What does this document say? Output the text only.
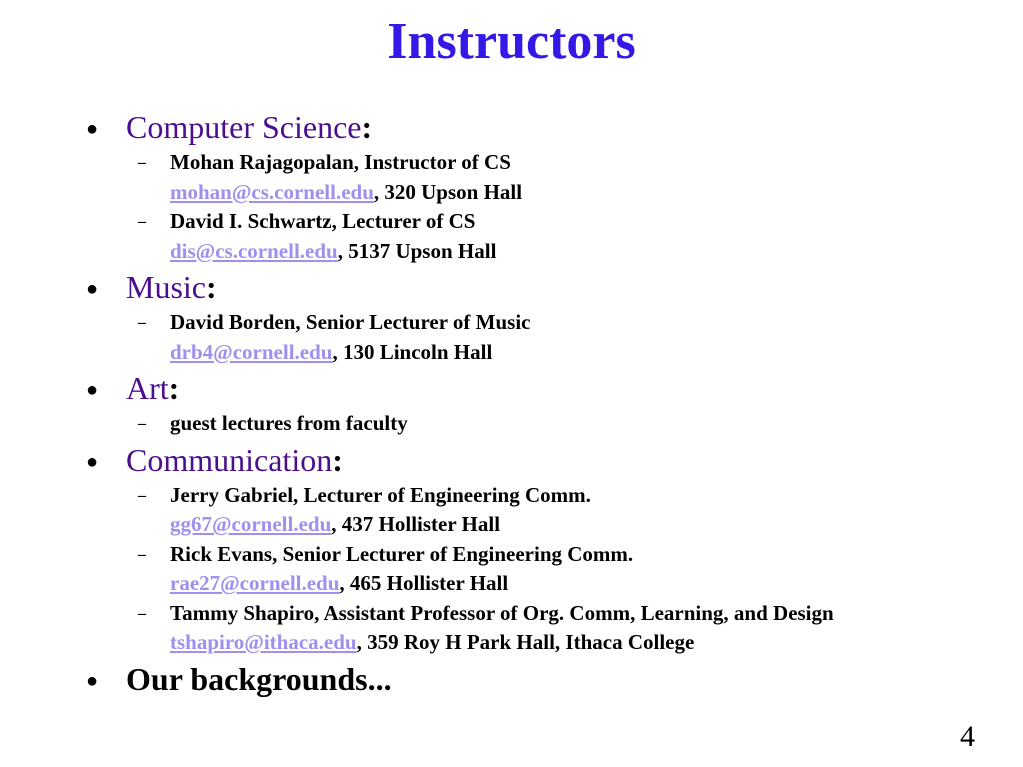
Instructors
● Computer Science:
– Mohan Rajagopalan, Instructor of CS
mohan@cs.cornell.edu, 320 Upson Hall
– David I. Schwartz, Lecturer of CS
dis@cs.cornell.edu, 5137 Upson Hall
● Music:
– David Borden, Senior Lecturer of Music
drb4@cornell.edu, 130 Lincoln Hall
● Art:
– guest lectures from faculty
● Communication:
– Jerry Gabriel, Lecturer of Engineering Comm.
gg67@cornell.edu, 437 Hollister Hall
– Rick Evans, Senior Lecturer of Engineering Comm.
rae27@cornell.edu, 465 Hollister Hall
– Tammy Shapiro, Assistant Professor of Org. Comm, Learning, and Design
tshapiro@ithaca.edu, 359 Roy H Park Hall, Ithaca College
● Our backgrounds...
4
